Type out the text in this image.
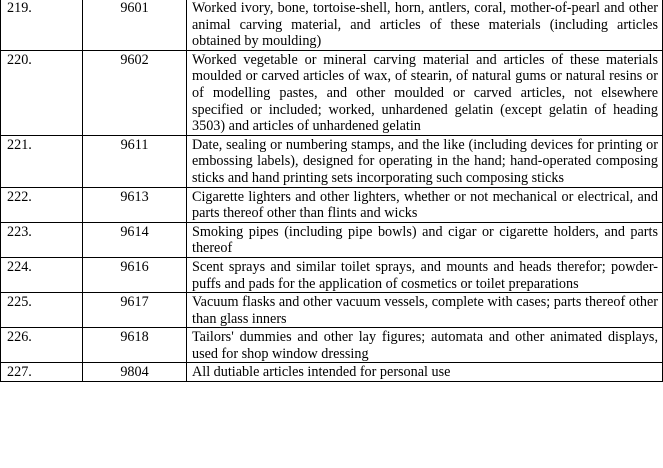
219.	9601	Worked ivory, bone, tortoise-shell, horn, antlers, coral, mother-of-pearl and other animal carving material, and articles of these materials (including articles obtained by moulding)
220.	9602	Worked vegetable or mineral carving material and articles of these materials moulded or carved articles of wax, of stearin, of natural gums or natural resins or of modelling pastes, and other moulded or carved articles, not elsewhere specified or included; worked, unhardened gelatin (except gelatin of heading 3503) and articles of unhardened gelatin
221.	9611	Date, sealing or numbering stamps, and the like (including devices for printing or embossing labels), designed for operating in the hand; hand-operated composing sticks and hand printing sets incorporating such composing sticks
222.	9613	Cigarette lighters and other lighters, whether or not mechanical or electrical, and parts thereof other than flints and wicks
223.	9614	Smoking pipes (including pipe bowls) and cigar or cigarette holders, and parts thereof
224.	9616	Scent sprays and similar toilet sprays, and mounts and heads therefor; powder-puffs and pads for the application of cosmetics or toilet preparations
225.	9617	Vacuum flasks and other vacuum vessels, complete with cases; parts thereof other than glass inners
226.	9618	Tailors' dummies and other lay figures; automata and other animated displays, used for shop window dressing
227.	9804	All dutiable articles intended for personal use
